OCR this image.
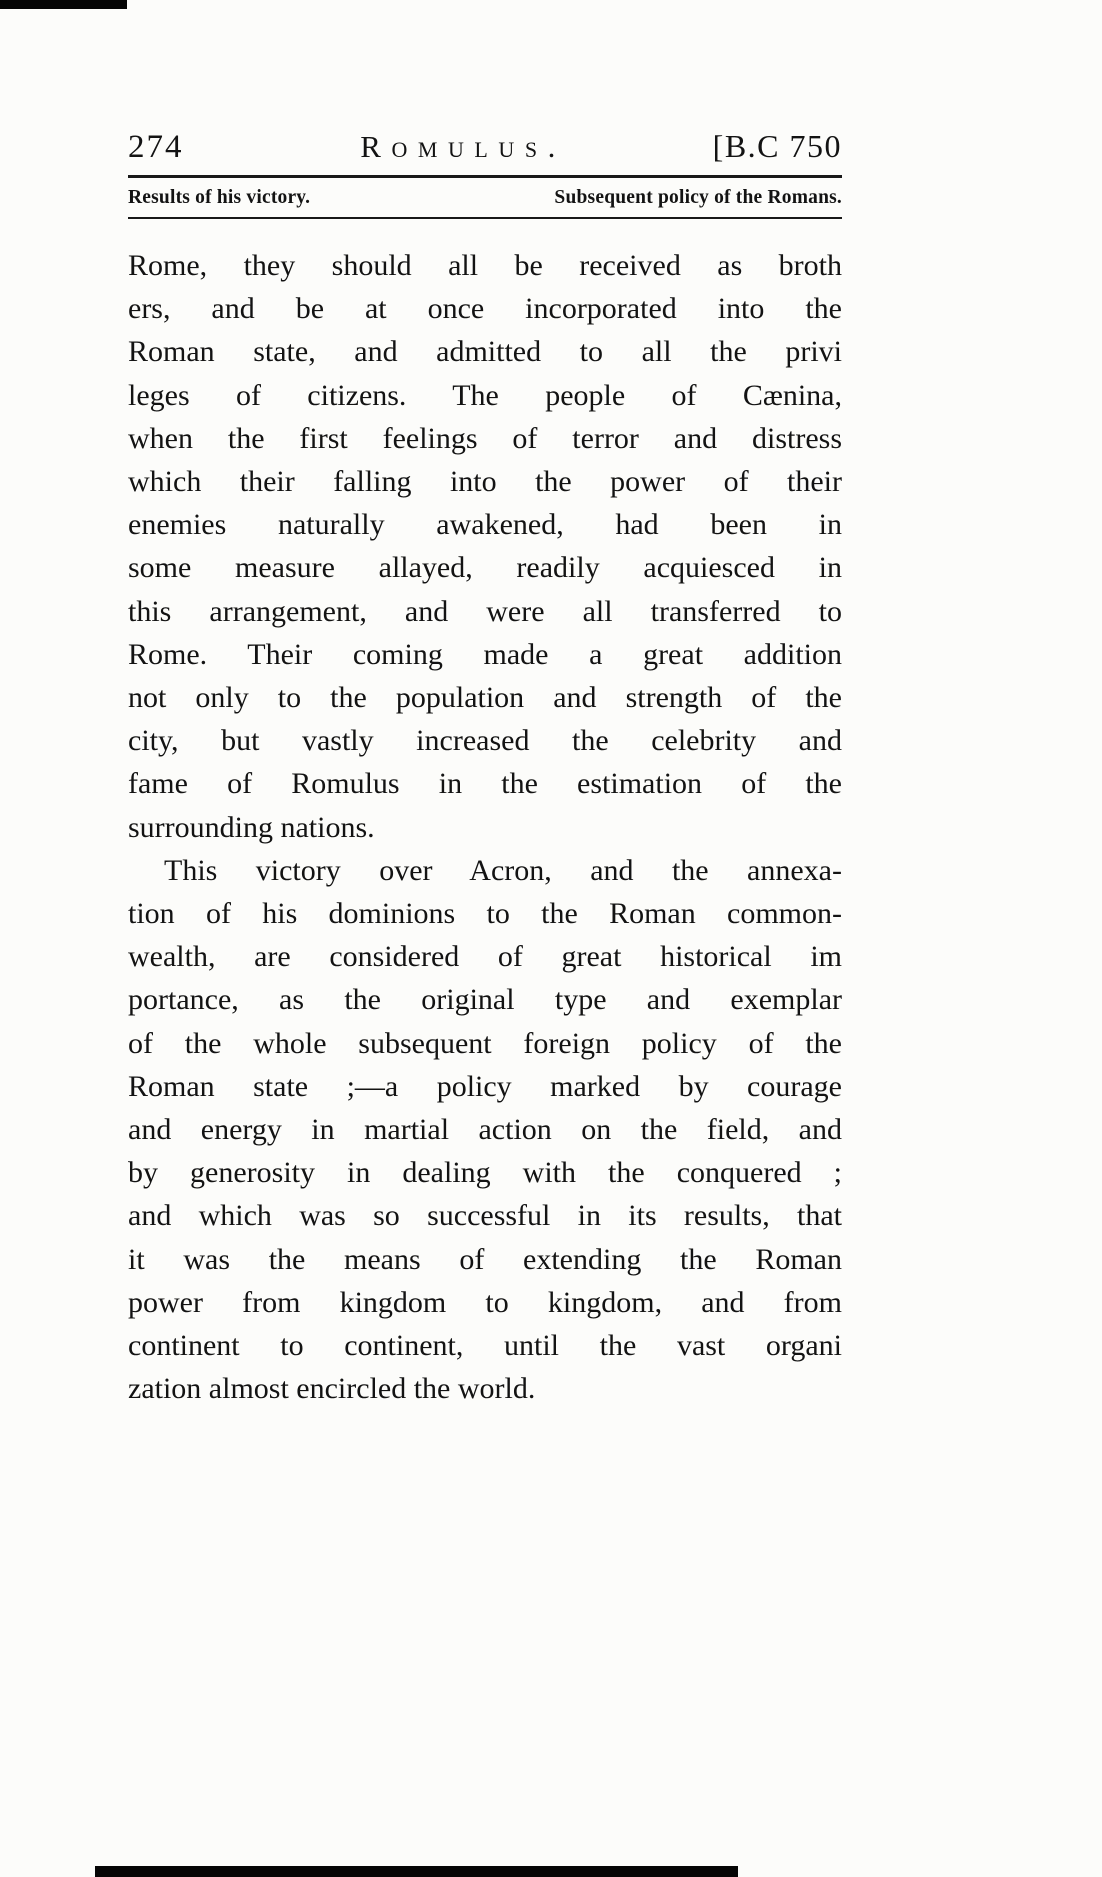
274	Romulus.	[B.C 750
Results of his victory.	Subsequent policy of the Romans.
Rome, they should all be received as broth
ers, and be at once incorporated into the
Roman state, and admitted to all the privi
leges of citizens. The people of Cænina,
when the first feelings of terror and distress
which their falling into the power of their
enemies naturally awakened, had been in
some measure allayed, readily acquiesced in
this arrangement, and were all transferred to
Rome. Their coming made a great addition
not only to the population and strength of the
city, but vastly increased the celebrity and
fame of Romulus in the estimation of the
surrounding nations.
This victory over Acron, and the annexa-
tion of his dominions to the Roman common-
wealth, are considered of great historical im
portance, as the original type and exemplar
of the whole subsequent foreign policy of the
Roman state ;—a policy marked by courage
and energy in martial action on the field, and
by generosity in dealing with the conquered ;
and which was so successful in its results, that
it was the means of extending the Roman
power from kingdom to kingdom, and from
continent to continent, until the vast organi
zation almost encircled the world.
